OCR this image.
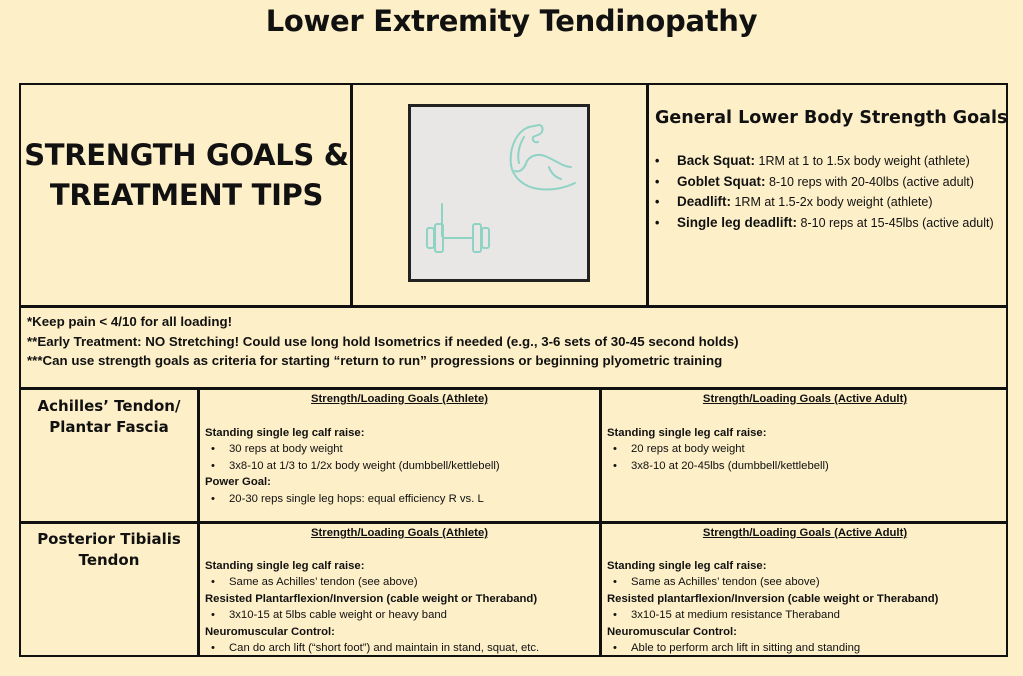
Lower Extremity Tendinopathy
STRENGTH GOALS &
TREATMENT TIPS
General Lower Body Strength Goals
• Back Squat: 1RM at 1 to 1.5x body weight (athlete)
• Goblet Squat: 8-10 reps with 20-40lbs (active adult)
• Deadlift: 1RM at 1.5-2x body weight (athlete)
• Single leg deadlift: 8-10 reps at 15-45lbs (active adult)
*Keep pain < 4/10 for all loading!
**Early Treatment: NO Stretching! Could use long hold Isometrics if needed (e.g., 3-6 sets of 30-45 second holds)
***Can use strength goals as criteria for starting “return to run” progressions or beginning plyometric training
Achilles’ Tendon/
Plantar Fascia
Strength/Loading Goals (Athlete)
Standing single leg calf raise:
• 30 reps at body weight
• 3x8-10 at 1/3 to 1/2x body weight (dumbbell/kettlebell)
Power Goal:
• 20-30 reps single leg hops: equal efficiency R vs. L
Strength/Loading Goals (Active Adult)
Standing single leg calf raise:
• 20 reps at body weight
• 3x8-10 at 20-45lbs (dumbbell/kettlebell)
Posterior Tibialis
Tendon
Strength/Loading Goals (Athlete)
Standing single leg calf raise:
• Same as Achilles’ tendon (see above)
Resisted Plantarflexion/Inversion (cable weight or Theraband)
• 3x10-15 at 5lbs cable weight or heavy band
Neuromuscular Control:
• Can do arch lift (“short foot”) and maintain in stand, squat, etc.
Strength/Loading Goals (Active Adult)
Standing single leg calf raise:
• Same as Achilles’ tendon (see above)
Resisted plantarflexion/Inversion (cable weight or Theraband)
• 3x10-15 at medium resistance Theraband
Neuromuscular Control:
• Able to perform arch lift in sitting and standing
